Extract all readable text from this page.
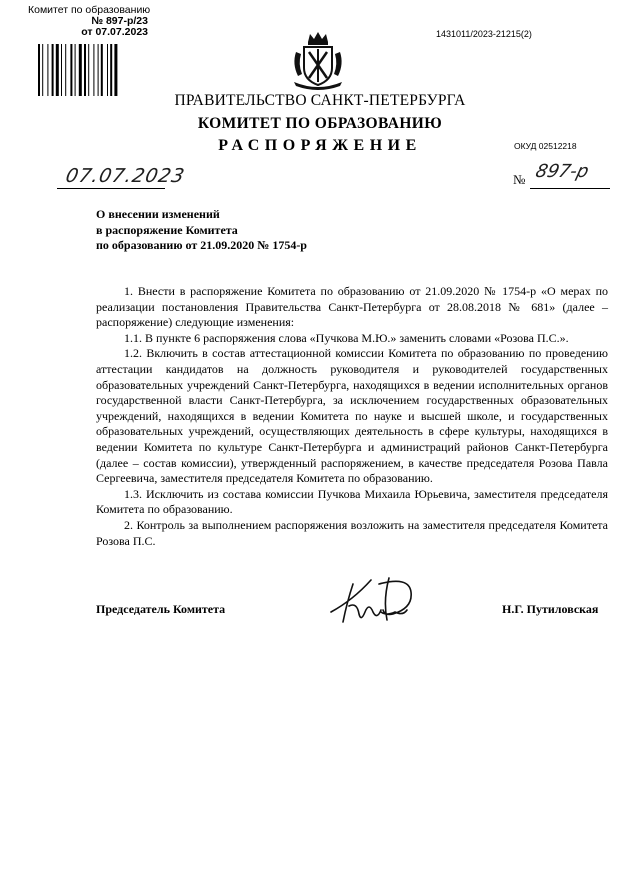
Комитет по образованию
№ 897-р/23
от 07.07.2023	1431011/2023-21215(2)
ПРАВИТЕЛЬСТВО САНКТ-ПЕТЕРБУРГА
КОМИТЕТ ПО ОБРАЗОВАНИЮ
РАСПОРЯЖЕНИЕ	ОКУД 02512218
07.07.2023	№ 897-р
О внесении изменений
в распоряжение Комитета
по образованию от 21.09.2020 № 1754-р

1. Внести в распоряжение Комитета по образованию от 21.09.2020 № 1754-р «О мерах по реализации постановления Правительства Санкт-Петербурга от 28.08.2018 № 681» (далее – распоряжение) следующие изменения:

1.1. В пункте 6 распоряжения слова «Пучкова М.Ю.» заменить словами «Розова П.С.».

1.2. Включить в состав аттестационной комиссии Комитета по образованию по проведению аттестации кандидатов на должность руководителя и руководителей государственных образовательных учреждений Санкт-Петербурга, находящихся в ведении исполнительных органов государственной власти Санкт-Петербурга, за исключением государственных образовательных учреждений, находящихся в ведении Комитета по науке и высшей школе, и государственных образовательных учреждений, осуществляющих деятельность в сфере культуры, находящихся в ведении Комитета по культуре Санкт-Петербурга и администраций районов Санкт-Петербурга (далее – состав комиссии), утвержденный распоряжением, в качестве председателя Розова Павла Сергеевича, заместителя председателя Комитета по образованию.

1.3. Исключить из состава комиссии Пучкова Михаила Юрьевича, заместителя председателя Комитета по образованию.

2. Контроль за выполнением распоряжения возложить на заместителя председателя Комитета Розова П.С.

Председатель Комитета	Н.Г. Путиловская
